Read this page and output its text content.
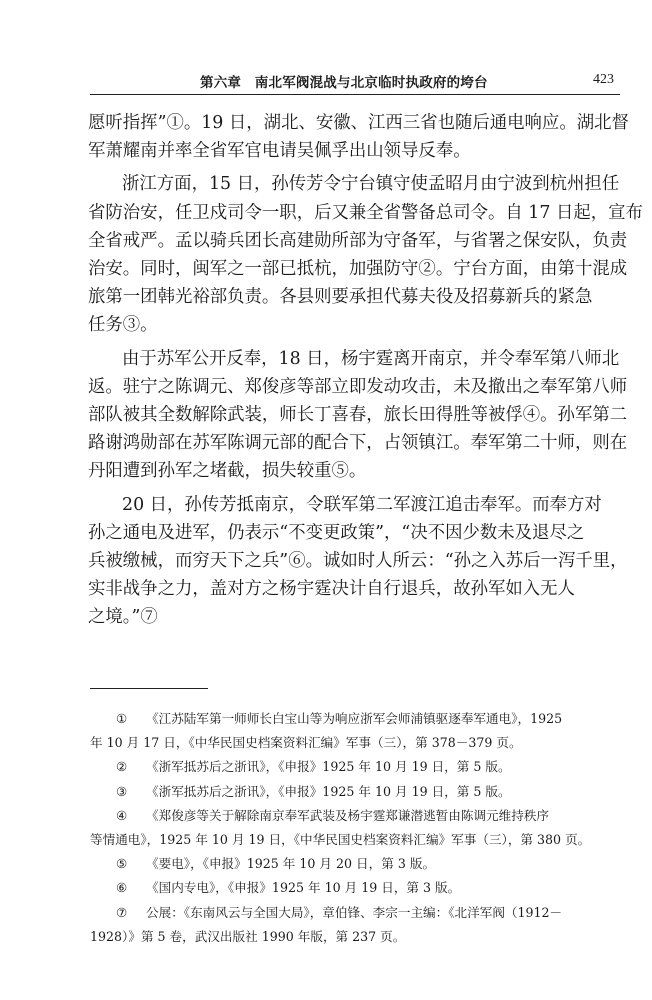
第六章　南北军阀混战与北京临时执政府的垮台	423

愿听指挥”①。19 日，湖北、安徽、江西三省也随后通电响应。湖北督
军萧耀南并率全省军官电请吴佩孚出山领导反奉。

浙江方面，15 日，孙传芳令宁台镇守使孟昭月由宁波到杭州担任
省防治安，任卫戍司令一职，后又兼全省警备总司令。自 17 日起，宣布
全省戒严。孟以骑兵团长高建勋所部为守备军，与省署之保安队，负责
治安。同时，闽军之一部已抵杭，加强防守②。宁台方面，由第十混成
旅第一团韩光裕部负责。各县则要承担代募夫役及招募新兵的紧急
任务③。

由于苏军公开反奉，18 日，杨宇霆离开南京，并令奉军第八师北
返。驻宁之陈调元、郑俊彦等部立即发动攻击，未及撤出之奉军第八师
部队被其全数解除武装，师长丁喜春，旅长田得胜等被俘④。孙军第二
路谢鸿勋部在苏军陈调元部的配合下，占领镇江。奉军第二十师，则在
丹阳遭到孙军之堵截，损失较重⑤。

20 日，孙传芳抵南京，令联军第二军渡江追击奉军。而奉方对
孙之通电及进军，仍表示“不变更政策”，“决不因少数未及退尽之
兵被缴械，而穷天下之兵”⑥。诚如时人所云：“孙之入苏后一泻千里，
实非战争之力，盖对方之杨宇霆决计自行退兵，故孙军如入无人
之境。”⑦

① 《江苏陆军第一师师长白宝山等为响应浙军会师浦镇驱逐奉军通电》，1925
年 10 月 17 日，《中华民国史档案资料汇编》军事（三），第 378－379 页。
② 《浙军抵苏后之浙讯》，《申报》1925 年 10 月 19 日，第 5 版。
③ 《浙军抵苏后之浙讯》，《申报》1925 年 10 月 19 日，第 5 版。
④ 《郑俊彦等关于解除南京奉军武装及杨宇霆郑谦潜逃暂由陈调元维持秩序
等情通电》，1925 年 10 月 19 日，《中华民国史档案资料汇编》军事（三），第 380 页。
⑤ 《要电》，《申报》1925 年 10 月 20 日，第 3 版。
⑥ 《国内专电》，《申报》1925 年 10 月 19 日，第 3 版。
⑦ 公展：《东南风云与全国大局》，章伯锋、李宗一主编：《北洋军阀（1912－
1928）》第 5 卷，武汉出版社 1990 年版，第 237 页。
